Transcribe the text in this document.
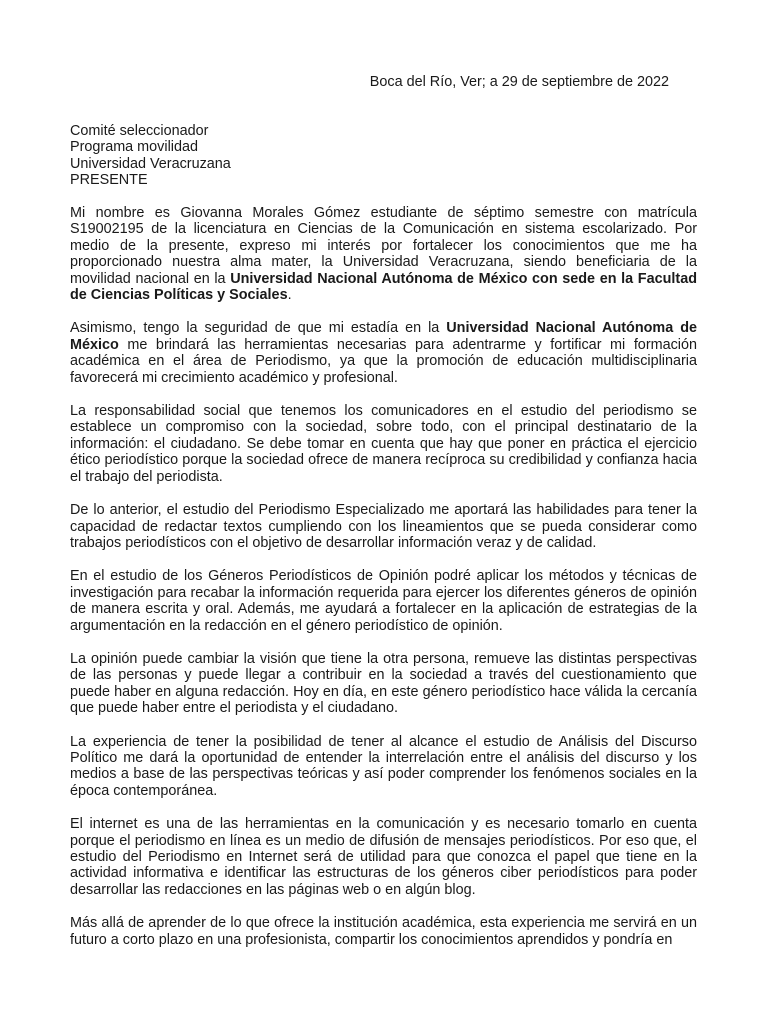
Boca del Río, Ver; a 29 de septiembre de 2022

Comité seleccionador
Programa movilidad
Universidad Veracruzana
PRESENTE

Mi nombre es Giovanna Morales Gómez estudiante de séptimo semestre con matrícula S19002195 de la licenciatura en Ciencias de la Comunicación en sistema escolarizado. Por medio de la presente, expreso mi interés por fortalecer los conocimientos que me ha proporcionado nuestra alma mater, la Universidad Veracruzana, siendo beneficiaria de la movilidad nacional en la Universidad Nacional Autónoma de México con sede en la Facultad de Ciencias Políticas y Sociales.

Asimismo, tengo la seguridad de que mi estadía en la Universidad Nacional Autónoma de México me brindará las herramientas necesarias para adentrarme y fortificar mi formación académica en el área de Periodismo, ya que la promoción de educación multidisciplinaria favorecerá mi crecimiento académico y profesional.

La responsabilidad social que tenemos los comunicadores en el estudio del periodismo se establece un compromiso con la sociedad, sobre todo, con el principal destinatario de la información: el ciudadano. Se debe tomar en cuenta que hay que poner en práctica el ejercicio ético periodístico porque la sociedad ofrece de manera recíproca su credibilidad y confianza hacia el trabajo del periodista.

De lo anterior, el estudio del Periodismo Especializado me aportará las habilidades para tener la capacidad de redactar textos cumpliendo con los lineamientos que se pueda considerar como trabajos periodísticos con el objetivo de desarrollar información veraz y de calidad.

En el estudio de los Géneros Periodísticos de Opinión podré aplicar los métodos y técnicas de investigación para recabar la información requerida para ejercer los diferentes géneros de opinión de manera escrita y oral. Además, me ayudará a fortalecer en la aplicación de estrategias de la argumentación en la redacción en el género periodístico de opinión.

La opinión puede cambiar la visión que tiene la otra persona, remueve las distintas perspectivas de las personas y puede llegar a contribuir en la sociedad a través del cuestionamiento que puede haber en alguna redacción. Hoy en día, en este género periodístico hace válida la cercanía que puede haber entre el periodista y el ciudadano.

La experiencia de tener la posibilidad de tener al alcance el estudio de Análisis del Discurso Político me dará la oportunidad de entender la interrelación entre el análisis del discurso y los medios a base de las perspectivas teóricas y así poder comprender los fenómenos sociales en la época contemporánea.

El internet es una de las herramientas en la comunicación y es necesario tomarlo en cuenta porque el periodismo en línea es un medio de difusión de mensajes periodísticos. Por eso que, el estudio del Periodismo en Internet será de utilidad para que conozca el papel que tiene en la actividad informativa e identificar las estructuras de los géneros ciber periodísticos para poder desarrollar las redacciones en las páginas web o en algún blog.

Más allá de aprender de lo que ofrece la institución académica, esta experiencia me servirá en un futuro a corto plazo en una profesionista, compartir los conocimientos aprendidos y pondría en
